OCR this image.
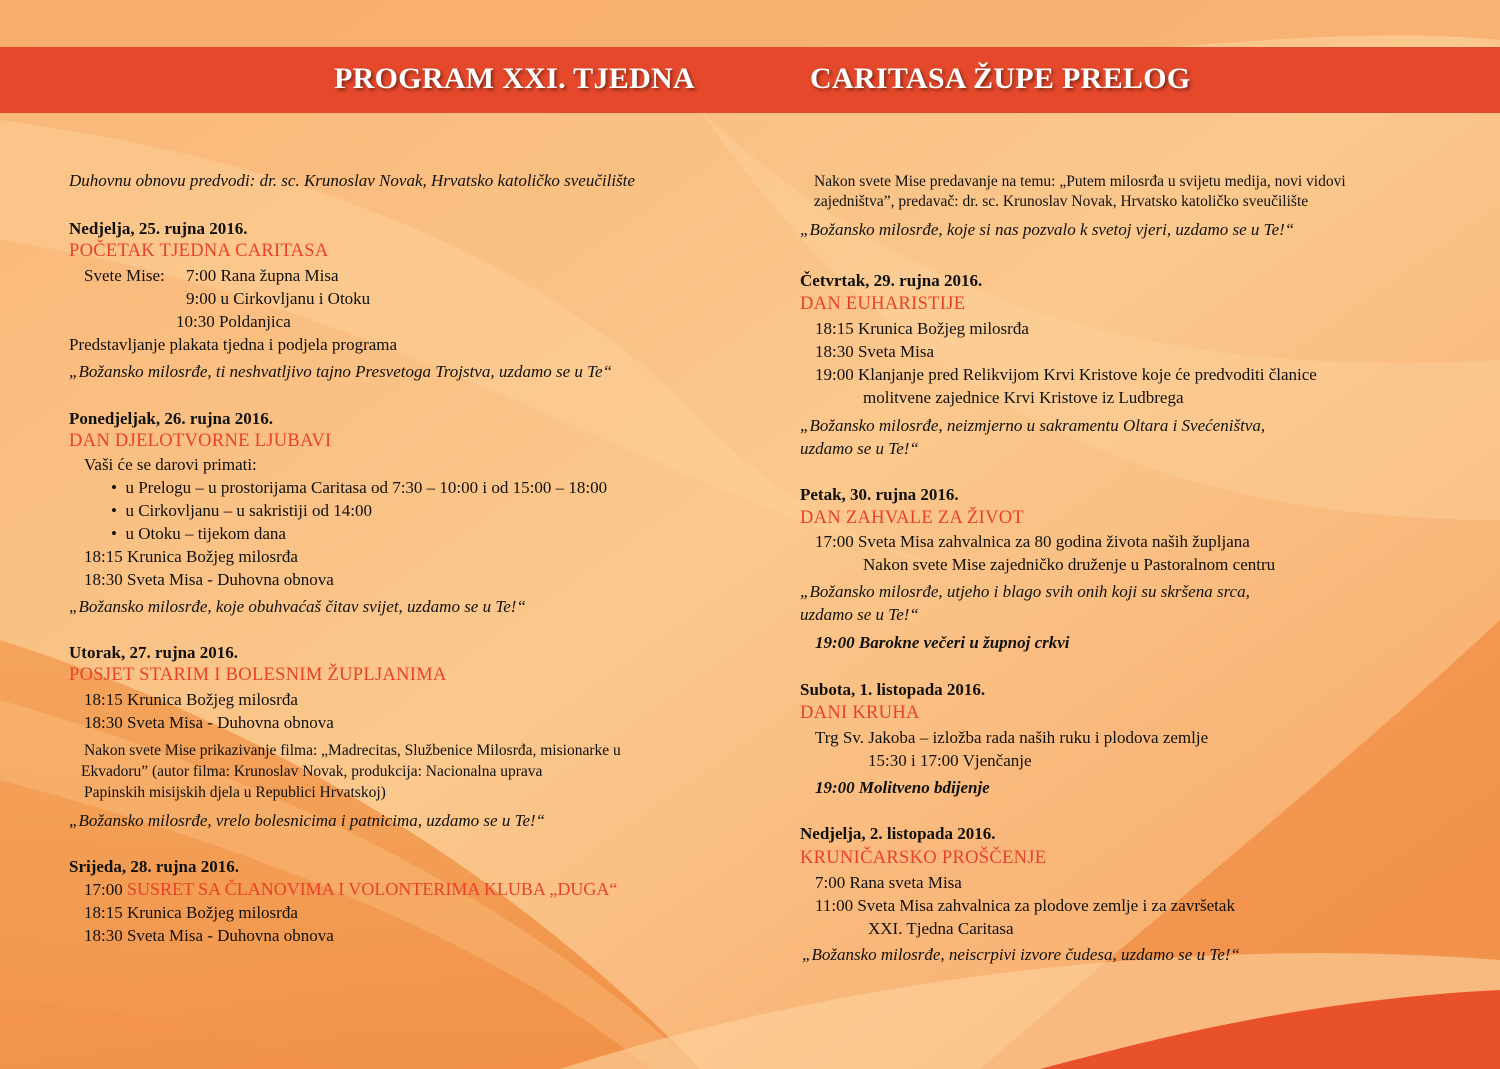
PROGRAM XXI. TJEDNA	CARITASA ŽUPE PRELOG
Duhovnu obnovu predvodi: dr. sc. Krunoslav Novak, Hrvatsko katoličko sveučilište
Nedjelja, 25. rujna 2016.
POČETAK TJEDNA CARITASA
Svete Mise: 7:00 Rana župna Misa
9:00 u Cirkovljanu i Otoku
10:30 Poldanjica
Predstavljanje plakata tjedna i podjela programa
„Božansko milosrđe, ti neshvatljivo tajno Presvetoga Trojstva, uzdamo se u Te“
Ponedjeljak, 26. rujna 2016.
DAN DJELOTVORNE LJUBAVI
Vaši će se darovi primati:
•  u Prelogu – u prostorijama Caritasa od 7:30 – 10:00 i od 15:00 – 18:00
•  u Cirkovljanu – u sakristiji od 14:00
•  u Otoku – tijekom dana
18:15 Krunica Božjeg milosrđa
18:30 Sveta Misa - Duhovna obnova
„Božansko milosrđe, koje obuhvaćaš čitav svijet, uzdamo se u Te!“
Utorak, 27. rujna 2016.
POSJET STARIM I BOLESNIM ŽUPLJANIMA
18:15 Krunica Božjeg milosrđa
18:30 Sveta Misa - Duhovna obnova
Nakon svete Mise prikazivanje filma: „Madrecitas, Službenice Milosrđa, misionarke u
Ekvadoru” (autor filma: Krunoslav Novak, produkcija: Nacionalna uprava
Papinskih misijskih djela u Republici Hrvatskoj)
„Božansko milosrđe, vrelo bolesnicima i patnicima, uzdamo se u Te!“
Srijeda, 28. rujna 2016.
17:00 SUSRET SA ČLANOVIMA I VOLONTERIMA KLUBA „DUGA“
18:15 Krunica Božjeg milosrđa
18:30 Sveta Misa - Duhovna obnova
Nakon svete Mise predavanje na temu: „Putem milosrđa u svijetu medija, novi vidovi
zajedništva”, predavač: dr. sc. Krunoslav Novak, Hrvatsko katoličko sveučilište
„Božansko milosrđe, koje si nas pozvalo k svetoj vjeri, uzdamo se u Te!“
Četvrtak, 29. rujna 2016.
DAN EUHARISTIJE
18:15 Krunica Božjeg milosrđa
18:30 Sveta Misa
19:00 Klanjanje pred Relikvijom Krvi Kristove koje će predvoditi članice
molitvene zajednice Krvi Kristove iz Ludbrega
„Božansko milosrđe, neizmjerno u sakramentu Oltara i Svećeništva,
uzdamo se u Te!“
Petak, 30. rujna 2016.
DAN ZAHVALE ZA ŽIVOT
17:00 Sveta Misa zahvalnica za 80 godina života naših župljana
Nakon svete Mise zajedničko druženje u Pastoralnom centru
„Božansko milosrđe, utjeho i blago svih onih koji su skršena srca,
uzdamo se u Te!“
19:00 Barokne večeri u župnoj crkvi
Subota, 1. listopada 2016.
DANI KRUHA
Trg Sv. Jakoba – izložba rada naših ruku i plodova zemlje
15:30 i 17:00 Vjenčanje
19:00 Molitveno bdijenje
Nedjelja, 2. listopada 2016.
KRUNIČARSKO PROŠČENJE
7:00 Rana sveta Misa
11:00 Sveta Misa zahvalnica za plodove zemlje i za završetak
XXI. Tjedna Caritasa
„Božansko milosrđe, neiscrpivi izvore čudesa, uzdamo se u Te!“
